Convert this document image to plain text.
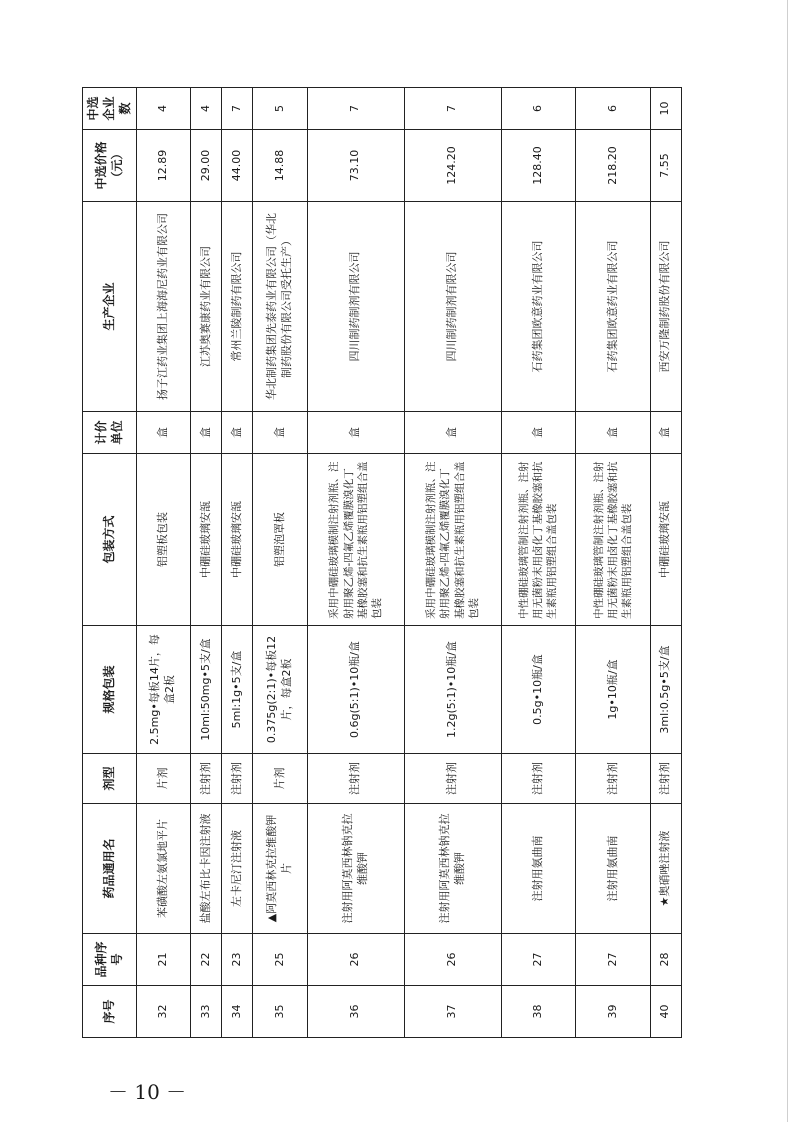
序号	品种序号	药品通用名	剂型	规格包装	包装方式	计价单位	生产企业	中选价格（元）	中选企业数
32	21	苯磺酸左氨氯地平片	片剂	2.5mg•每板14片，每盒2板	铝塑板包装	盒	扬子江药业集团上海海尼药业有限公司	12.89	4
33	22	盐酸左布比卡因注射液	注射剂	10ml:50mg•5支/盒	中硼硅玻璃安瓿	盒	江苏奥赛康药业有限公司	29.00	4
34	23	左卡尼汀注射液	注射剂	5ml:1g•5支/盒	中硼硅玻璃安瓿	盒	常州兰陵制药有限公司	44.00	7
35	25	▲阿莫西林克拉维酸钾片	片剂	0.375g(2:1)•每板12片，每盒2板	铝塑泡罩板	盒	华北制药集团先泰药业有限公司（华北制药股份有限公司受托生产）	14.88	5
36	26	注射用阿莫西林钠克拉维酸钾	注射剂	0.6g(5:1)•10瓶/盒	采用中硼硅玻璃模制注射剂瓶、注射用聚乙烯-四氟乙烯覆膜溴化丁基橡胶塞和抗生素瓶用铝塑组合盖包装	盒	四川制药制剂有限公司	73.10	7
37	26	注射用阿莫西林钠克拉维酸钾	注射剂	1.2g(5:1)•10瓶/盒	采用中硼硅玻璃模制注射剂瓶、注射用聚乙烯-四氟乙烯覆膜溴化丁基橡胶塞和抗生素瓶用铝塑组合盖包装	盒	四川制药制剂有限公司	124.20	7
38	27	注射用氨曲南	注射剂	0.5g•10瓶/盒	中性硼硅玻璃管制注射剂瓶、注射用无菌粉末用卤化丁基橡胶塞和抗生素瓶用铝塑组合盖包装	盒	石药集团欧意药业有限公司	128.40	6
39	27	注射用氨曲南	注射剂	1g•10瓶/盒	中性硼硅玻璃管制注射剂瓶、注射用无菌粉末用卤化丁基橡胶塞和抗生素瓶用铝塑组合盖包装	盒	石药集团欧意药业有限公司	218.20	6
40	28	★奥硝唑注射液	注射剂	3ml:0.5g•5支/盒	中硼硅玻璃安瓿	盒	西安万隆制药股份有限公司	7.55	10
－ 10 －
